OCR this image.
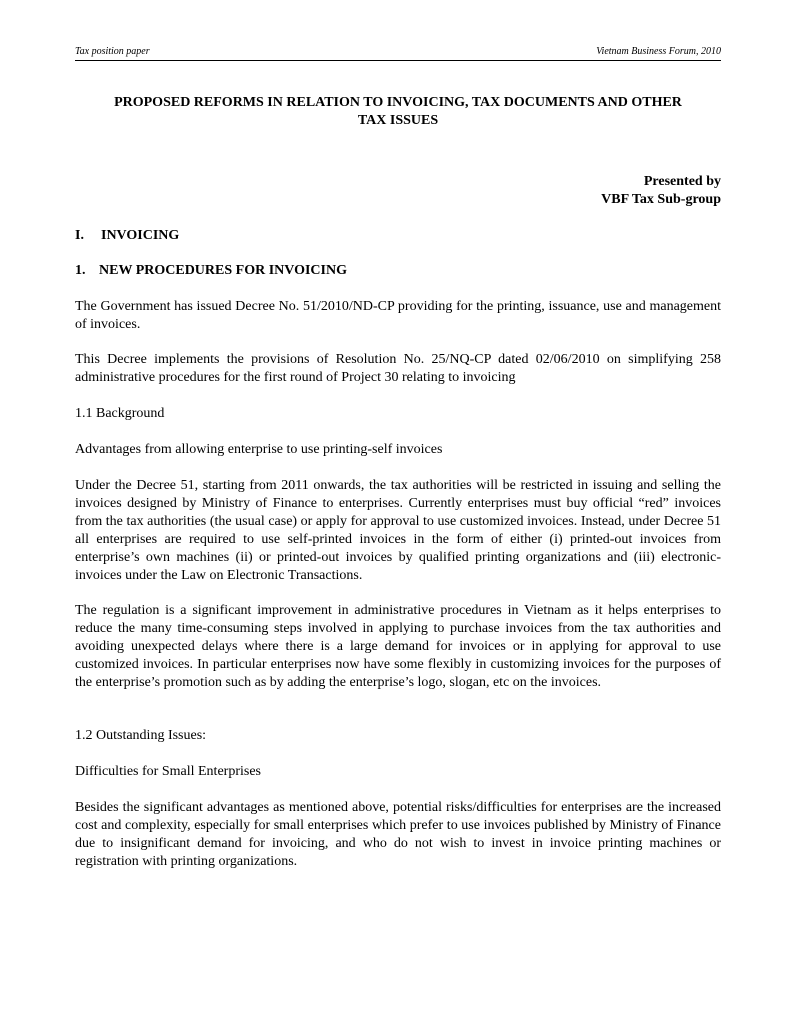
Tax position paper	Vietnam Business Forum, 2010
PROPOSED REFORMS IN RELATION TO INVOICING, TAX DOCUMENTS AND OTHER
TAX ISSUES
Presented by
VBF Tax Sub-group
I. INVOICING
1. NEW PROCEDURES FOR INVOICING

The Government has issued Decree No. 51/2010/ND-CP providing for the printing, issuance, use and management of invoices.

This Decree implements the provisions of Resolution No. 25/NQ-CP dated 02/06/2010 on simplifying 258 administrative procedures for the first round of Project 30 relating to invoicing

1.1 Background

Advantages from allowing enterprise to use printing-self invoices

Under the Decree 51, starting from 2011 onwards, the tax authorities will be restricted in issuing and selling the invoices designed by Ministry of Finance to enterprises. Currently enterprises must buy official “red” invoices from the tax authorities (the usual case) or apply for approval to use customized invoices. Instead, under Decree 51 all enterprises are required to use self-printed invoices in the form of either (i) printed-out invoices from enterprise’s own machines (ii) or printed-out invoices by qualified printing organizations and (iii) electronic-invoices under the Law on Electronic Transactions.

The regulation is a significant improvement in administrative procedures in Vietnam as it helps enterprises to reduce the many time-consuming steps involved in applying to purchase invoices from the tax authorities and avoiding unexpected delays where there is a large demand for invoices or in applying for approval to use customized invoices. In particular enterprises now have some flexibly in customizing invoices for the purposes of the enterprise’s promotion such as by adding the enterprise’s logo, slogan, etc on the invoices.

1.2 Outstanding Issues:

Difficulties for Small Enterprises

Besides the significant advantages as mentioned above, potential risks/difficulties for enterprises are the increased cost and complexity, especially for small enterprises which prefer to use invoices published by Ministry of Finance due to insignificant demand for invoicing, and who do not wish to invest in invoice printing machines or registration with printing organizations.
